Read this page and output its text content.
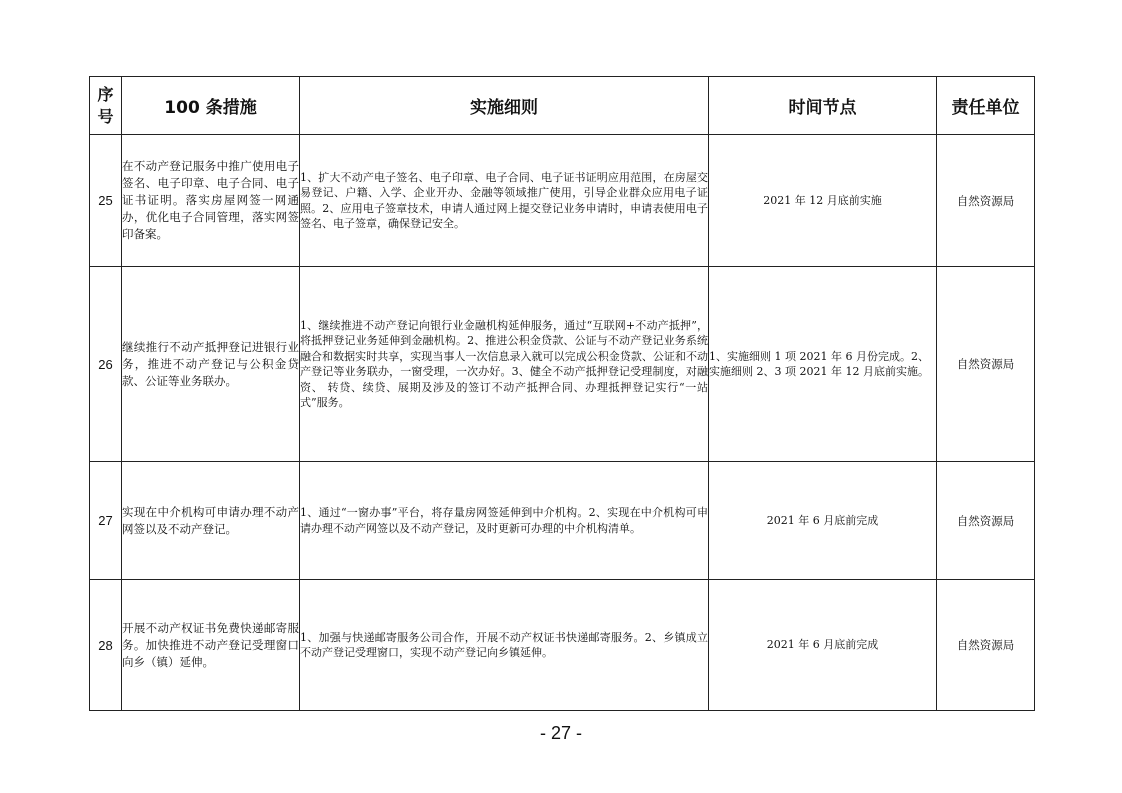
序
号	100 条措施	实施细则	时间节点	责任单位
25	在不动产登记服务中推广使用电子签名、电子印章、电子合同、电子证书证明。落实房屋网签一网通办，优化电子合同管理，落实网签印备案。	1、扩大不动产电子签名、电子印章、电子合同、电子证书证明应用范围，在房屋交易登记、户籍、入学、企业开办、金融等领域推广使用，引导企业群众应用电子证照。2、应用电子签章技术，申请人通过网上提交登记业务申请时，申请表使用电子签名、电子签章，确保登记安全。	2021 年 12 月底前实施	自然资源局
26	继续推行不动产抵押登记进银行业务，推进不动产登记与公积金贷款、公证等业务联办。	1、继续推进不动产登记向银行业金融机构延伸服务，通过“互联网+不动产抵押”，将抵押登记业务延伸到金融机构。2、推进公积金贷款、公证与不动产登记业务系统融合和数据实时共享，实现当事人一次信息录入就可以完成公积金贷款、公证和不动产登记等业务联办，一窗受理，一次办好。3、健全不动产抵押登记受理制度，对融资、 转贷、续贷、展期及涉及的签订不动产抵押合同、办理抵押登记实行“一站式”服务。	1、实施细则 1 项 2021 年 6 月份完成。2、实施细则 2、3 项 2021 年 12 月底前实施。	自然资源局
27	实现在中介机构可申请办理不动产网签以及不动产登记。	1、通过“一窗办事”平台，将存量房网签延伸到中介机构。2、实现在中介机构可申请办理不动产网签以及不动产登记，及时更新可办理的中介机构清单。	2021 年 6 月底前完成	自然资源局
28	开展不动产权证书免费快递邮寄服务。加快推进不动产登记受理窗口向乡（镇）延伸。	1、加强与快递邮寄服务公司合作，开展不动产权证书快递邮寄服务。2、乡镇成立不动产登记受理窗口，实现不动产登记向乡镇延伸。	2021 年 6 月底前完成	自然资源局
- 27 -
